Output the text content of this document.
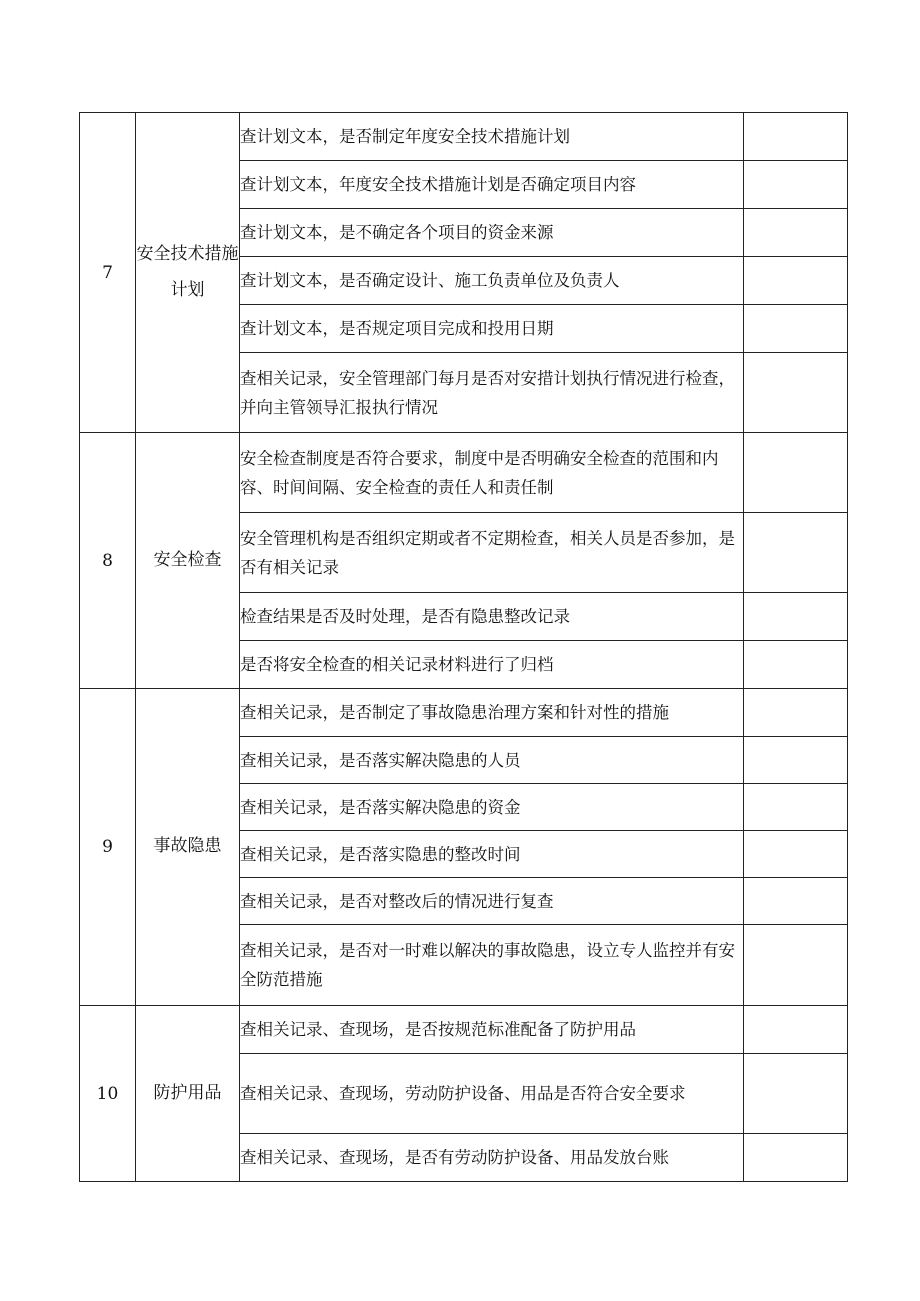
7	安全技术措施计划	查计划文本，是否制定年度安全技术措施计划	
		查计划文本，年度安全技术措施计划是否确定项目内容	
		查计划文本，是不确定各个项目的资金来源	
		查计划文本，是否确定设计、施工负责单位及负责人	
		查计划文本，是否规定项目完成和投用日期	
		查相关记录，安全管理部门每月是否对安措计划执行情况进行检查，并向主管领导汇报执行情况	
8	安全检查	安全检查制度是否符合要求，制度中是否明确安全检查的范围和内容、时间间隔、安全检查的责任人和责任制	
		安全管理机构是否组织定期或者不定期检查，相关人员是否参加，是否有相关记录	
		检查结果是否及时处理，是否有隐患整改记录	
		是否将安全检查的相关记录材料进行了归档	
9	事故隐患	查相关记录，是否制定了事故隐患治理方案和针对性的措施	
		查相关记录，是否落实解决隐患的人员	
		查相关记录，是否落实解决隐患的资金	
		查相关记录，是否落实隐患的整改时间	
		查相关记录，是否对整改后的情况进行复查	
		查相关记录，是否对一时难以解决的事故隐患，设立专人监控并有安全防范措施	
10	防护用品	查相关记录、查现场，是否按规范标准配备了防护用品	
		查相关记录、查现场，劳动防护设备、用品是否符合安全要求	
		查相关记录、查现场，是否有劳动防护设备、用品发放台账	
